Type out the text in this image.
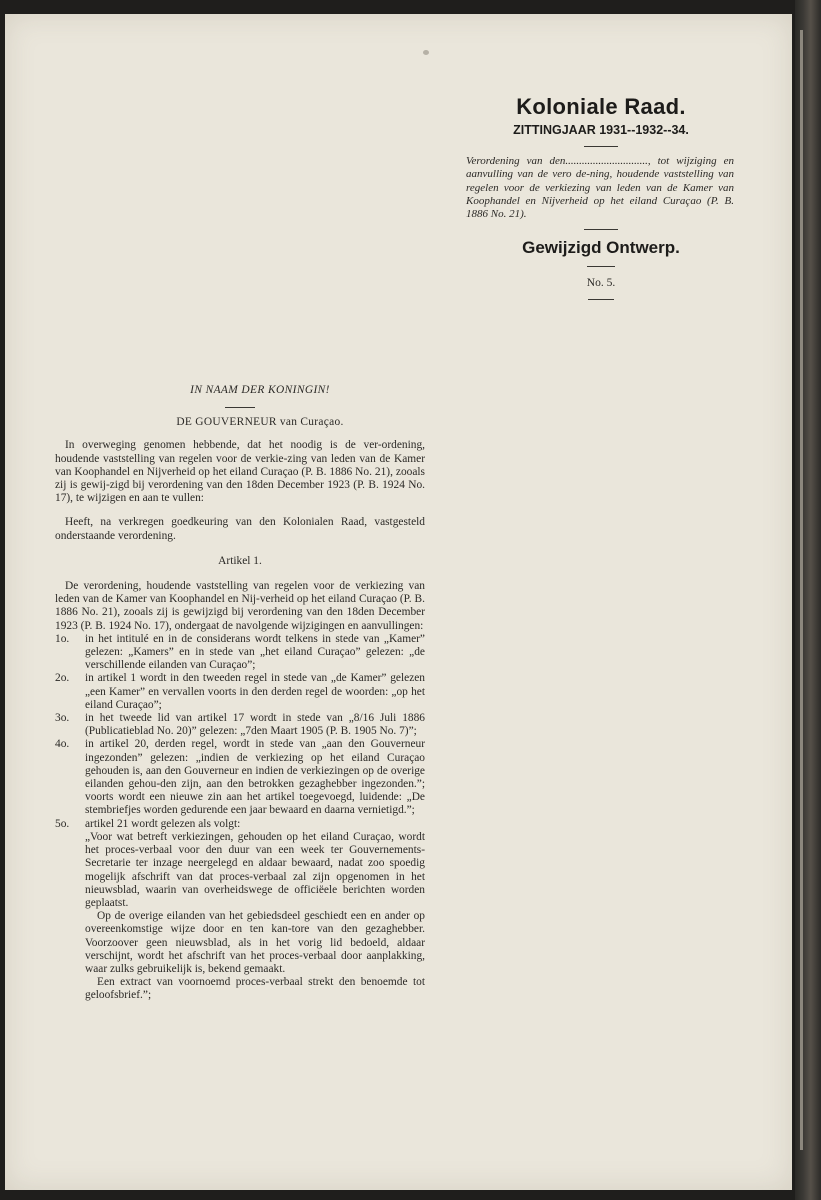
Koloniale Raad.
ZITTINGJAAR 1931--1932--34.
Verordening van den.............................., tot wijziging en aanvulling van de vero de-ning, houdende vaststelling van regelen voor de verkiezing van leden van de Kamer van Koophandel en Nijverheid op het eiland Curaçao (P. B. 1886 No. 21).
Gewijzigd Ontwerp.
No. 5.
IN NAAM DER KONINGIN!
DE GOUVERNEUR van Curaçao.

In overweging genomen hebbende, dat het noodig is de ver-ordening, houdende vaststelling van regelen voor de verkie-zing van leden van de Kamer van Koophandel en Nijverheid op het eiland Curaçao (P. B. 1886 No. 21), zooals zij is gewij-zigd bij verordening van den 18den December 1923 (P. B. 1924 No. 17), te wijzigen en aan te vullen:

Heeft, na verkregen goedkeuring van den Kolonialen Raad, vastgesteld onderstaande verordening.

Artikel 1.

De verordening, houdende vaststelling van regelen voor de verkiezing van leden van de Kamer van Koophandel en Nij-verheid op het eiland Curaçao (P. B. 1886 No. 21), zooals zij is gewijzigd bij verordening van den 18den December 1923 (P. B. 1924 No. 17), ondergaat de navolgende wijzigingen en aanvullingen:

1o.	in het intitulé en in de considerans wordt telkens in stede van „Kamer” gelezen: „Kamers” en in stede van „het eiland Curaçao” gelezen: „de verschillende eilanden van Curaçao”;
2o.	in artikel 1 wordt in den tweeden regel in stede van „de Kamer” gelezen „een Kamer” en vervallen voorts in den derden regel de woorden: „op het eiland Curaçao”;
3o.	in het tweede lid van artikel 17 wordt in stede van „8/16 Juli 1886 (Publicatieblad No. 20)” gelezen: „7den Maart 1905 (P. B. 1905 No. 7)”;
4o.	in artikel 20, derden regel, wordt in stede van „aan den Gouverneur ingezonden” gelezen: „indien de verkiezing op het eiland Curaçao gehouden is, aan den Gouverneur en indien de verkiezingen op de overige eilanden gehou-den zijn, aan den betrokken gezaghebber ingezonden.”; voorts wordt een nieuwe zin aan het artikel toegevoegd, luidende: „De stembriefjes worden gedurende een jaar bewaard en daarna vernietigd.”;
5o.	artikel 21 wordt gelezen als volgt:

„Voor wat betreft verkiezingen, gehouden op het eiland Curaçao, wordt het proces-verbaal voor den duur van een week ter Gouvernements-Secretarie ter inzage neergelegd en aldaar bewaard, nadat zoo spoedig mogelijk afschrift van dat proces-verbaal zal zijn opgenomen in het nieuwsblad, waarin van overheidswege de officiëele berichten worden geplaatst.

Op de overige eilanden van het gebiedsdeel geschiedt een en ander op overeenkomstige wijze door en ten kan-tore van den gezaghebber. Voorzoover geen nieuwsblad, als in het vorig lid bedoeld, aldaar verschijnt, wordt het afschrift van het proces-verbaal door aanplakking, waar zulks gebruikelijk is, bekend gemaakt.

Een extract van voornoemd proces-verbaal strekt den benoemde tot geloofsbrief.”;
